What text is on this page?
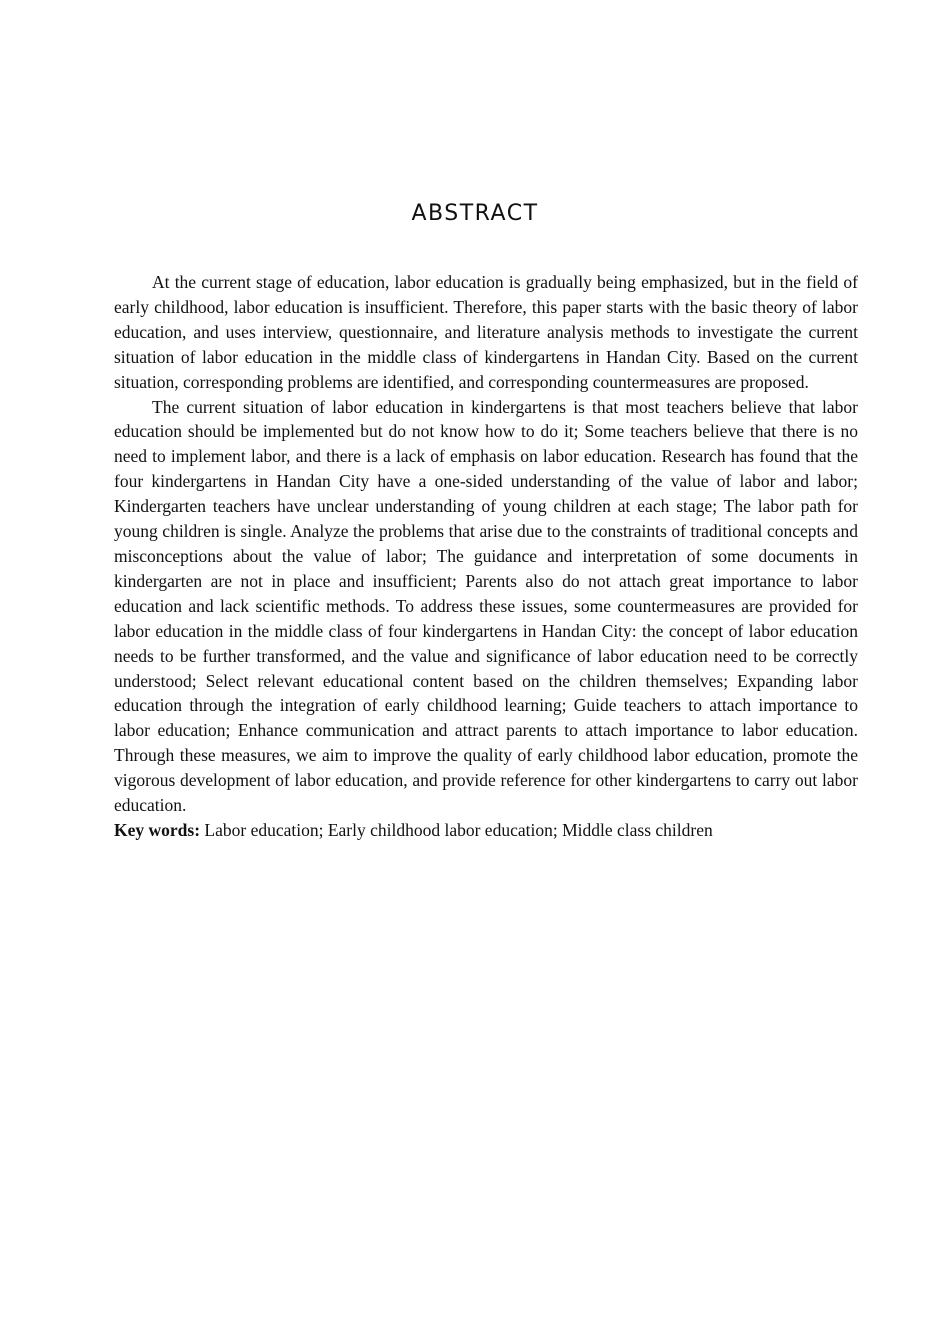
ABSTRACT

At the current stage of education, labor education is gradually being emphasized, but in the field of early childhood, labor education is insufficient. Therefore, this paper starts with the basic theory of labor education, and uses interview, questionnaire, and literature analysis methods to investigate the current situation of labor education in the middle class of kindergartens in Handan City. Based on the current situation, corresponding problems are identified, and corresponding countermeasures are proposed.

The current situation of labor education in kindergartens is that most teachers believe that labor education should be implemented but do not know how to do it; Some teachers believe that there is no need to implement labor, and there is a lack of emphasis on labor education. Research has found that the four kindergartens in Handan City have a one-sided understanding of the value of labor and labor; Kindergarten teachers have unclear understanding of young children at each stage; The labor path for young children is single. Analyze the problems that arise due to the constraints of traditional concepts and misconceptions about the value of labor; The guidance and interpretation of some documents in kindergarten are not in place and insufficient; Parents also do not attach great importance to labor education and lack scientific methods. To address these issues, some countermeasures are provided for labor education in the middle class of four kindergartens in Handan City: the concept of labor education needs to be further transformed, and the value and significance of labor education need to be correctly understood; Select relevant educational content based on the children themselves; Expanding labor education through the integration of early childhood learning; Guide teachers to attach importance to labor education; Enhance communication and attract parents to attach importance to labor education. Through these measures, we aim to improve the quality of early childhood labor education, promote the vigorous development of labor education, and provide reference for other kindergartens to carry out labor education.

Key words: Labor education; Early childhood labor education; Middle class children
